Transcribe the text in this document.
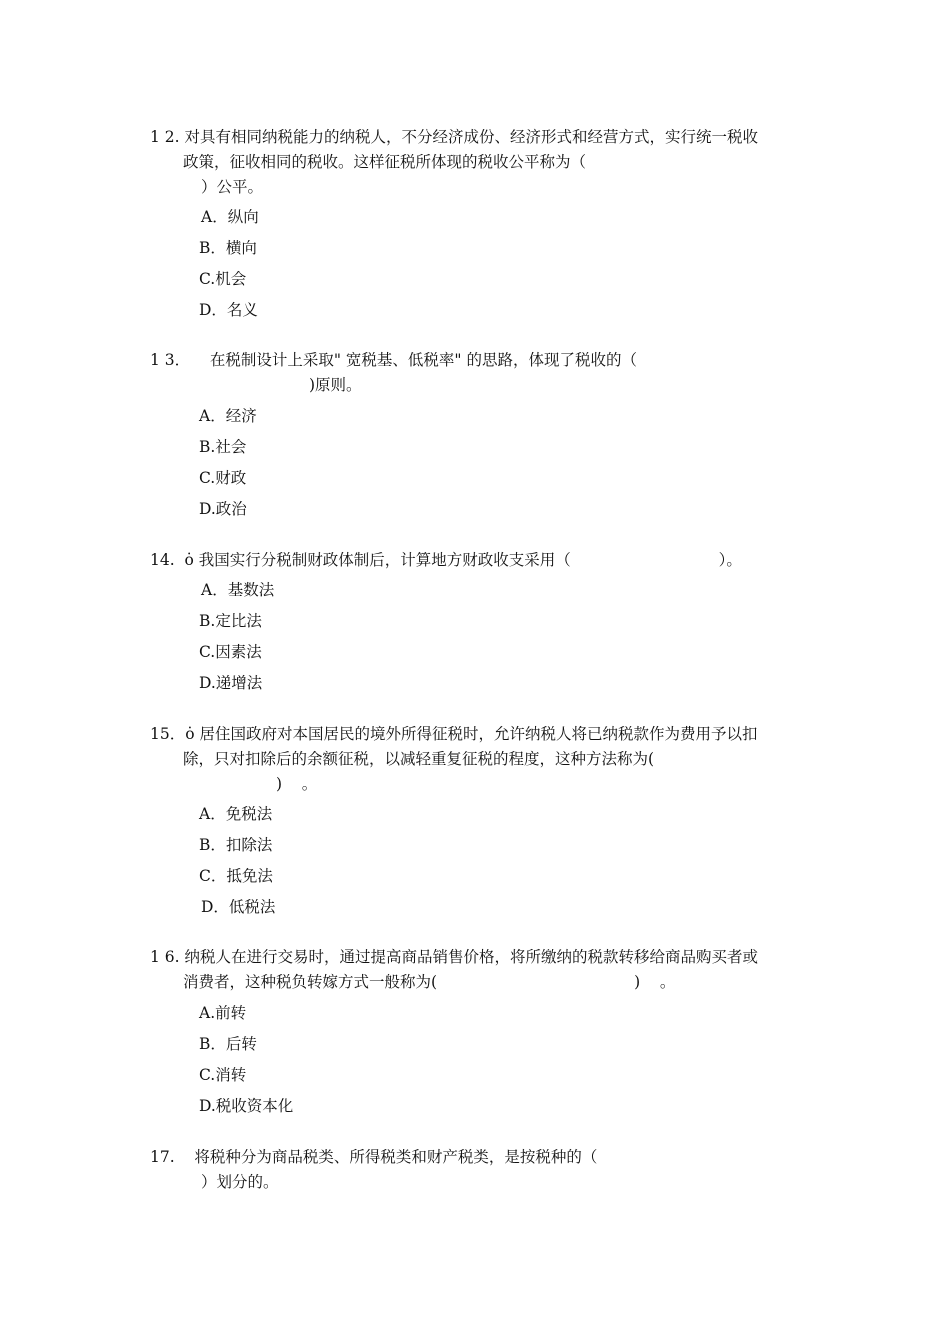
1 2. 对具有相同纳税能力的纳税人，不分经济成份、经济形式和经营方式，实行统一税收
政策，征收相同的税收。这样征税所体现的税收公平称为（
）公平。
A．纵向
B．横向
C.机会
D．名义
1 3．    在税制设计上采取" 宽税基、低税率" 的思路，体现了税收的（
)原则。
A．经济
B.社会
C.财政
D.政治
14.  ȯ 我国实行分税制财政体制后，计算地方财政收支采用（                              ）。
A．基数法
B.定比法
C.因素法
D.递增法
15．ȯ 居住国政府对本国居民的境外所得征税时，允许纳税人将已纳税款作为费用予以扣
除，只对扣除后的余额征税，以减轻重复征税的程度，这种方法称为(
)    。
A．免税法
B．扣除法
C．抵免法
D．低税法
1 6. 纳税人在进行交易时，通过提高商品销售价格，将所缴纳的税款转移给商品购买者或
消费者，这种税负转嫁方式一般称为(                                        )    。
A.前转
B．后转
C.消转
D.税收资本化
17.    将税种分为商品税类、所得税类和财产税类，是按税种的（
）划分的。
